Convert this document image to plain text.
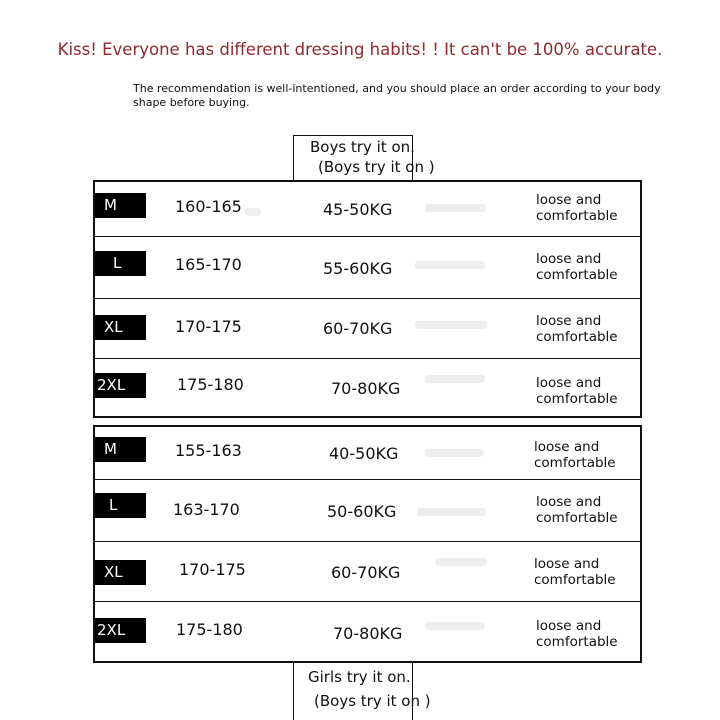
Kiss! Everyone has different dressing habits! ! It can't be 100% accurate.
The recommendation is well-intentioned, and you should place an order according to your body shape before buying.
Boys try it on.
(Boys try it on )
M	160-165	45-50KG	loose and
comfortable
L	165-170	55-60KG	loose and
comfortable
XL	170-175	60-70KG	loose and
comfortable
2XL	175-180	70-80KG	loose and
comfortable
M	155-163	40-50KG	loose and
comfortable
L	163-170	50-60KG	loose and
comfortable
XL	170-175	60-70KG	loose and
comfortable
2XL	175-180	70-80KG	loose and
comfortable
Girls try it on.
(Boys try it on )
